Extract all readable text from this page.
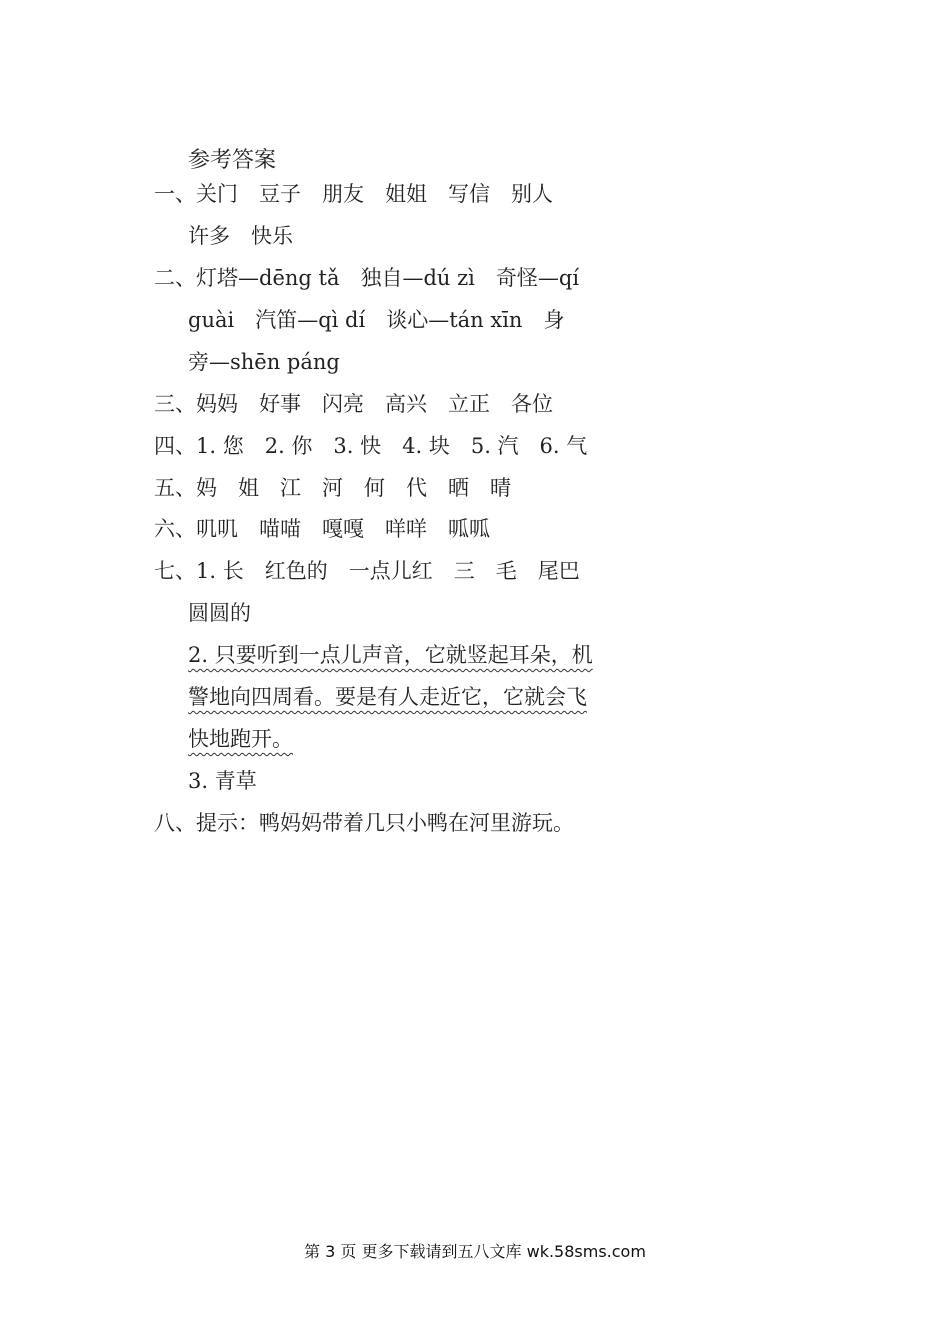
参考答案
一、关门　豆子　朋友　姐姐　写信　别人
许多　快乐
二、灯塔—dēng tǎ　独自—dú zì　奇怪—qí
guài　汽笛—qì dí　谈心—tán xīn　身
旁—shēn páng
三、妈妈　好事　闪亮　高兴　立正　各位
四、1. 您　2. 你　3. 快　4. 块　5. 汽　6. 气
五、妈　姐　江　河　何　代　晒　晴
六、叽叽　喵喵　嘎嘎　咩咩　呱呱
七、1. 长　红色的　一点儿红　三　毛　尾巴
圆圆的
2. 只要听到一点儿声音，它就竖起耳朵，机
警地向四周看。要是有人走近它，它就会飞
快地跑开。
3. 青草
八、提示：鸭妈妈带着几只小鸭在河里游玩。
第 3 页 更多下载请到五八文库 wk.58sms.com
